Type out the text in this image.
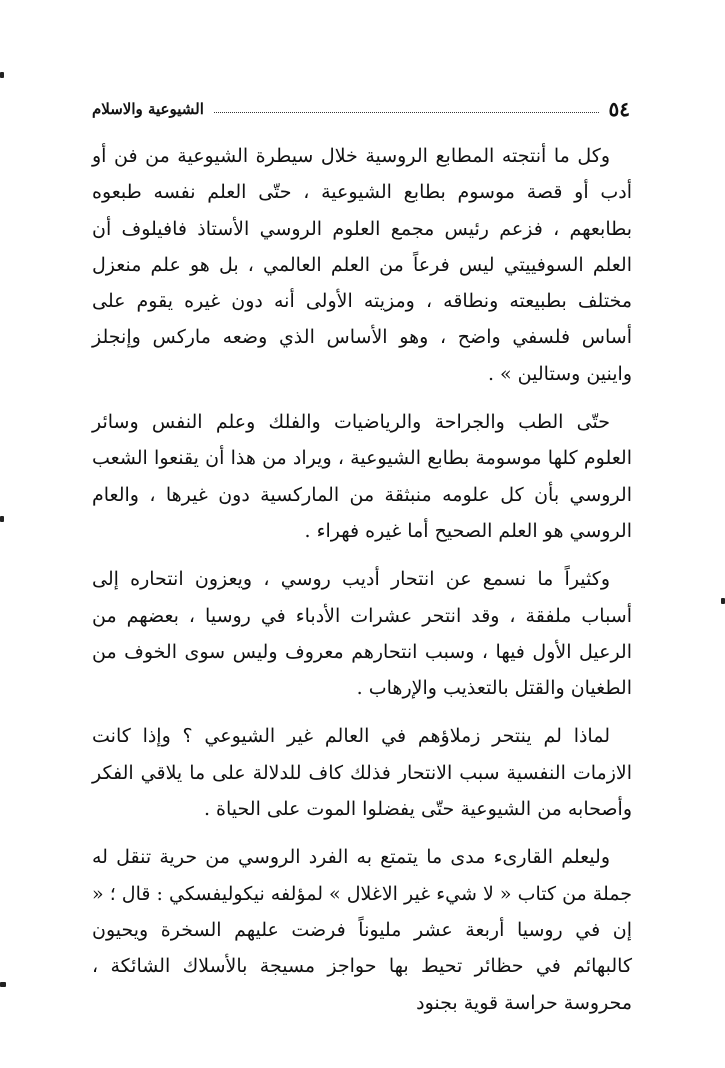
٥٤
الشيوعية والاسلام

وكل ما أنتجته المطابع الروسية خلال سيطرة الشيوعية من فن أو أدب أو قصة موسوم بطابع الشيوعية ، حتّى العلم نفسه طبعوه بطابعهم ، فزعم رئيس مجمع العلوم الروسي الأستاذ فافيلوف أن العلم السوفييتي ليس فرعاً من العلم العالمي ، بل هو علم منعزل مختلف بطبيعته ونطاقه ، ومزيته الأولى أنه دون غيره يقوم على أساس فلسفي واضح ، وهو الأساس الذي وضعه ماركس وإنجلز واينين وستالين » .

حتّى الطب والجراحة والرياضيات والفلك وعلم النفس وسائر العلوم كلها موسومة بطابع الشيوعية ، ويراد من هذا أن يقنعوا الشعب الروسي بأن كل علومه منبثقة من الماركسية دون غيرها ، والعام الروسي هو العلم الصحيح أما غيره فهراء .

وكثيراً ما نسمع عن انتحار أديب روسي ، ويعزون انتحاره إلى أسباب ملفقة ، وقد انتحر عشرات الأدباء في روسيا ، بعضهم من الرعيل الأول فيها ، وسبب انتحارهم معروف وليس سوى الخوف من الطغيان والقتل بالتعذيب والإرهاب .

لماذا لم ينتحر زملاؤهم في العالم غير الشيوعي ؟ وإذا كانت الازمات النفسية سبب الانتحار فذلك كاف للدلالة على ما يلاقي الفكر وأصحابه من الشيوعية حتّى يفضلوا الموت على الحياة .

وليعلم القارىء مدى ما يتمتع به الفرد الروسي من حرية تنقل له جملة من كتاب « لا شيء غير الاغلال » لمؤلفه نيكوليفسكي : قال ؛ « إن في روسيا أربعة عشر مليوناً فرضت عليهم السخرة ويحيون كالبهائم في حظائر تحيط بها حواجز مسيجة بالأسلاك الشائكة ، محروسة حراسة قوية بجنود
